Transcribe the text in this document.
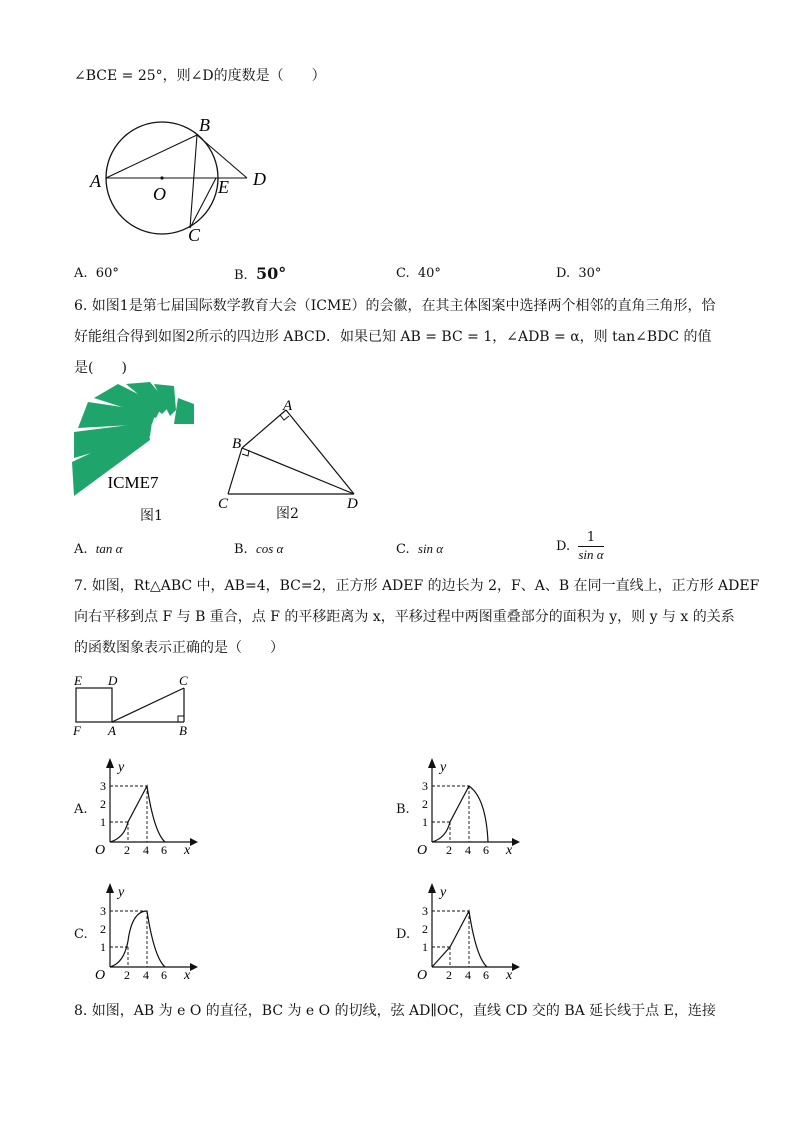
∠BCE = 25°，则∠D的度数是（　　）
A
B
O	E D
C
A. 60°	B. 50°	C. 40°	D. 30°
6. 如图1是第七届国际数学教育大会（ICME）的会徽，在其主体图案中选择两个相邻的直角三角形，恰
好能组合得到如图2所示的四边形 ABCD．如果已知 AB = BC = 1，∠ADB = α，则 tan∠BDC 的值
是(　　)
ICME7
图1
A
B
C	D
图2
A. tan α	B. cos α	C. sin α	D. $\frac{1}{\text{sin α}}$
7. 如图，Rt△ABC 中，AB=4，BC=2，正方形 ADEF 的边长为 2，F、A、B 在同一直线上，正方形 ADEF
向右平移到点 F 与 B 重合，点 F 的平移距离为 x，平移过程中两图重叠部分的面积为 y，则 y 与 x 的关系
的函数图象表示正确的是（　　）
E D	C
F A	B
A.
y
x
O
1
2
3
2 4 6
B.
y
x
O
1
2
3
2 4 6
C.
y
x
O
1
2
3
2 4 6
D.
y
x
O
1
2
3
2 4 6
8. 如图，AB 为 e O 的直径，BC 为 e O 的切线，弦 AD∥OC，直线 CD 交的 BA 延长线于点 E，连接
